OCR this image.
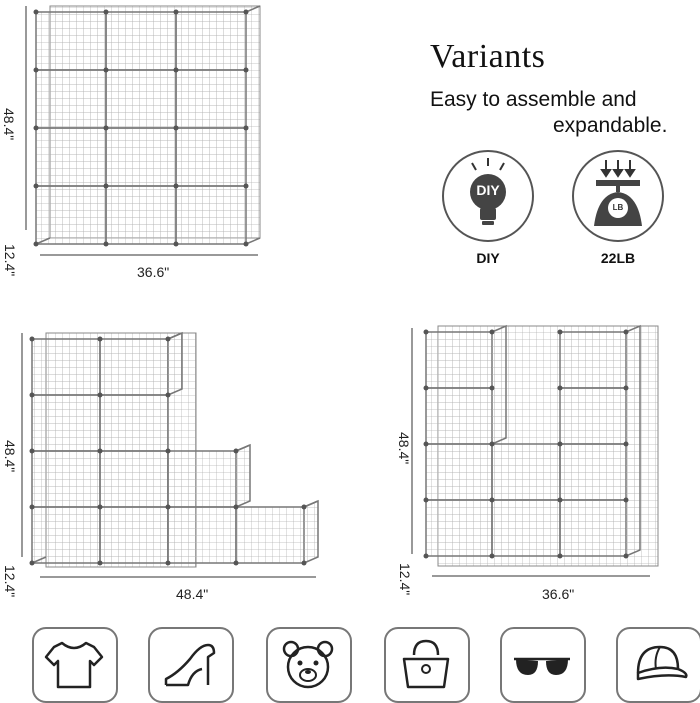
48.4"
12.4"	36.6"
Variants
Easy to assemble and
expandable.
DIY
DIY
LB
22LB
48.4"
12.4"	48.4"
48.4"
12.4"	36.6"
